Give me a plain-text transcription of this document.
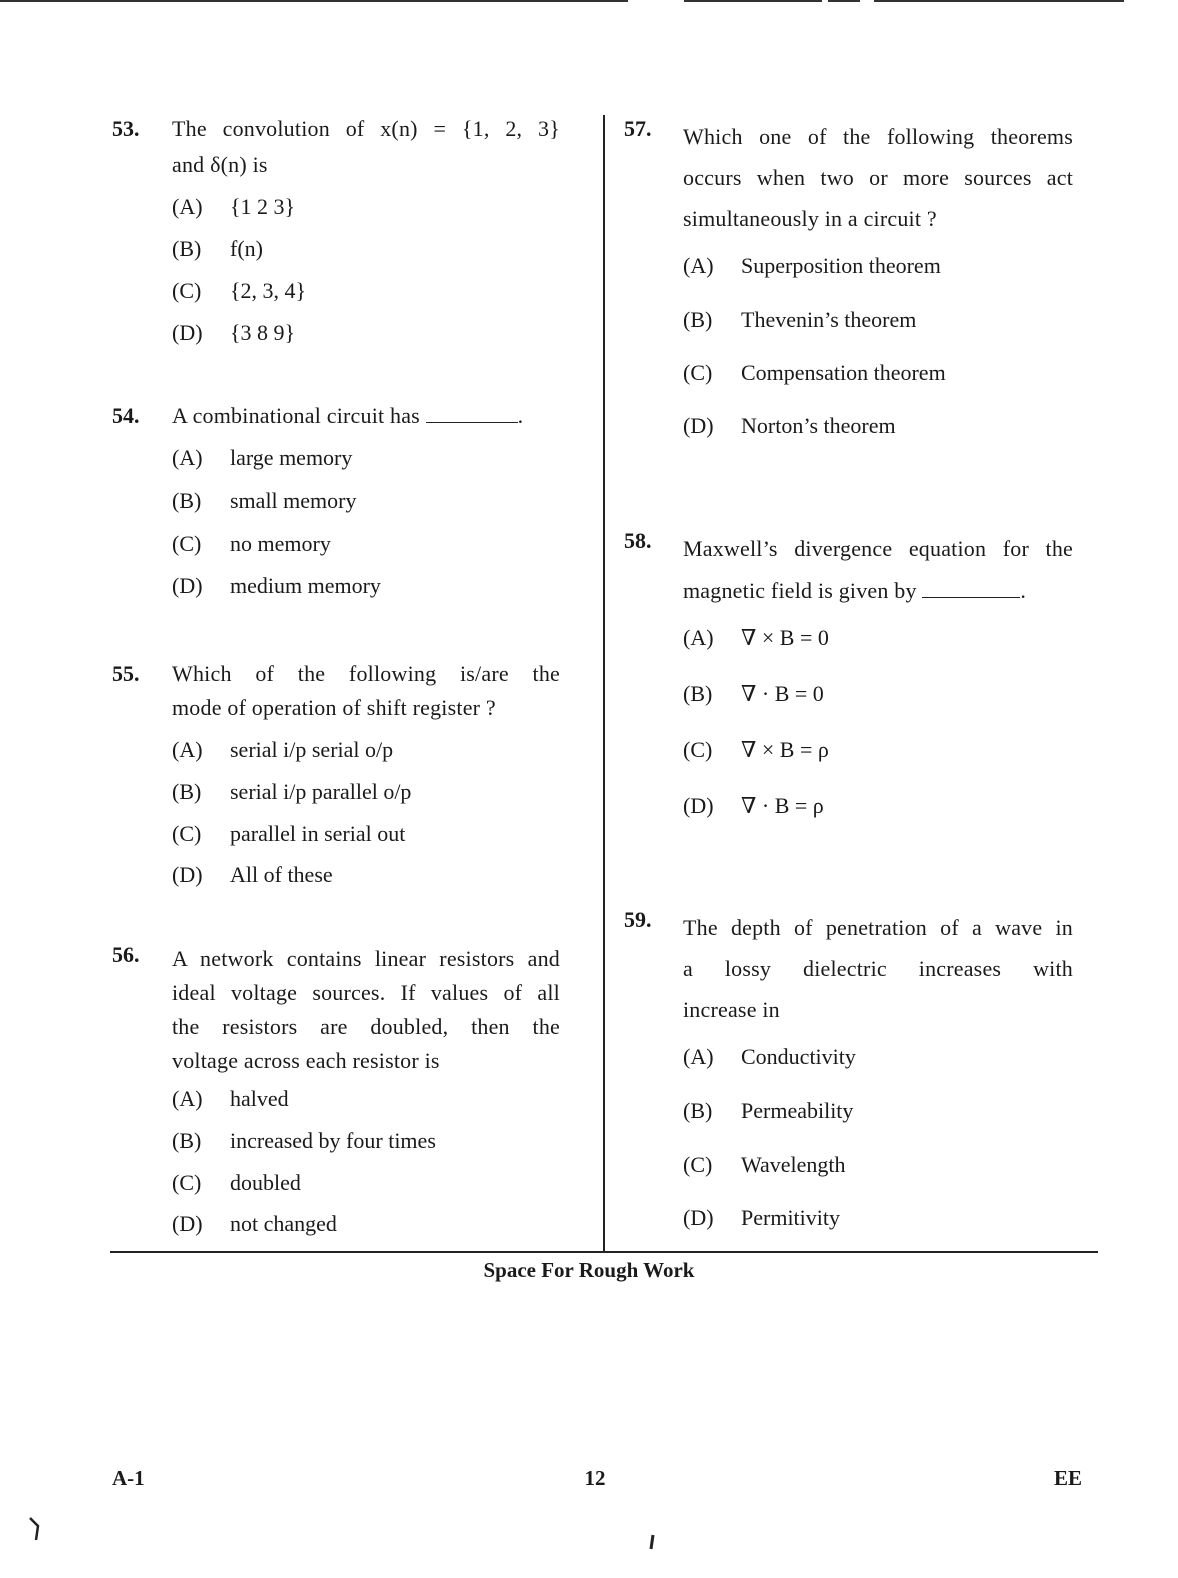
53. The convolution of x(n) = {1, 2, 3}
and δ(n) is
(A) {1 2 3}
(B) f(n)
(C) {2, 3, 4}
(D) {3 8 9}
54. A combinational circuit has	.
(A) large memory
(B) small memory
(C) no memory
(D) medium memory
55. Which of the following is/are the
mode of operation of shift register ?
(A) serial i/p serial o/p
(B) serial i/p parallel o/p
(C) parallel in serial out
(D) All of these
56. A network contains linear resistors and
ideal voltage sources. If values of all
the resistors are doubled, then the
voltage across each resistor is
(A) halved
(B) increased by four times
(C) doubled
(D) not changed
57. Which one of the following theorems
occurs when two or more sources act
simultaneously in a circuit ?
(A) Superposition theorem
(B) Thevenin’s theorem
(C) Compensation theorem
(D) Norton’s theorem
58. Maxwell’s divergence equation for the
magnetic field is given by	.
(A) ∇ × B = 0
(B) ∇ · B = 0
(C) ∇ × B = ρ
(D) ∇ · B = ρ
59. The depth of penetration of a wave in
a lossy dielectric increases with
increase in
(A) Conductivity
(B) Permeability
(C) Wavelength
(D) Permitivity
Space For Rough Work
A-1	12	EE
